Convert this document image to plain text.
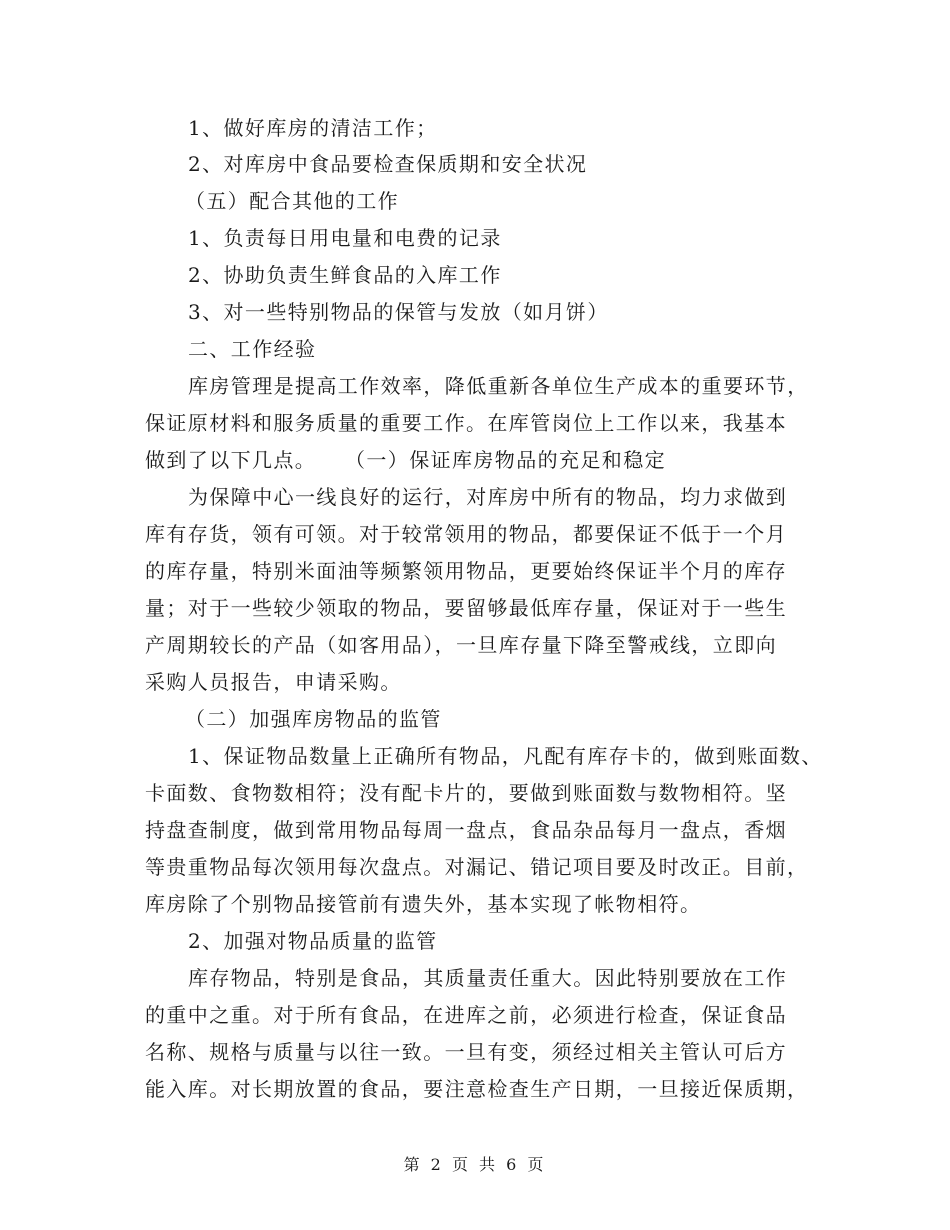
1、做好库房的清洁工作；
2、对库房中食品要检查保质期和安全状况
（五）配合其他的工作
1、负责每日用电量和电费的记录
2、协助负责生鲜食品的入库工作
3、对一些特别物品的保管与发放（如月饼）
二、工作经验
库房管理是提高工作效率，降低重新各单位生产成本的重要环节，
保证原材料和服务质量的重要工作。在库管岗位上工作以来，我基本
做到了以下几点。 （一）保证库房物品的充足和稳定
为保障中心一线良好的运行，对库房中所有的物品，均力求做到
库有存货，领有可领。对于较常领用的物品，都要保证不低于一个月
的库存量，特别米面油等频繁领用物品，更要始终保证半个月的库存
量；对于一些较少领取的物品，要留够最低库存量，保证对于一些生
产周期较长的产品（如客用品），一旦库存量下降至警戒线，立即向
采购人员报告，申请采购。
（二）加强库房物品的监管
1、保证物品数量上正确所有物品，凡配有库存卡的，做到账面数、
卡面数、食物数相符；没有配卡片的，要做到账面数与数物相符。坚
持盘查制度，做到常用物品每周一盘点，食品杂品每月一盘点，香烟
等贵重物品每次领用每次盘点。对漏记、错记项目要及时改正。目前，
库房除了个别物品接管前有遗失外，基本实现了帐物相符。
2、加强对物品质量的监管
库存物品，特别是食品，其质量责任重大。因此特别要放在工作
的重中之重。对于所有食品，在进库之前，必须进行检查，保证食品
名称、规格与质量与以往一致。一旦有变，须经过相关主管认可后方
能入库。对长期放置的食品，要注意检查生产日期，一旦接近保质期，
第 2 页 共 6 页
